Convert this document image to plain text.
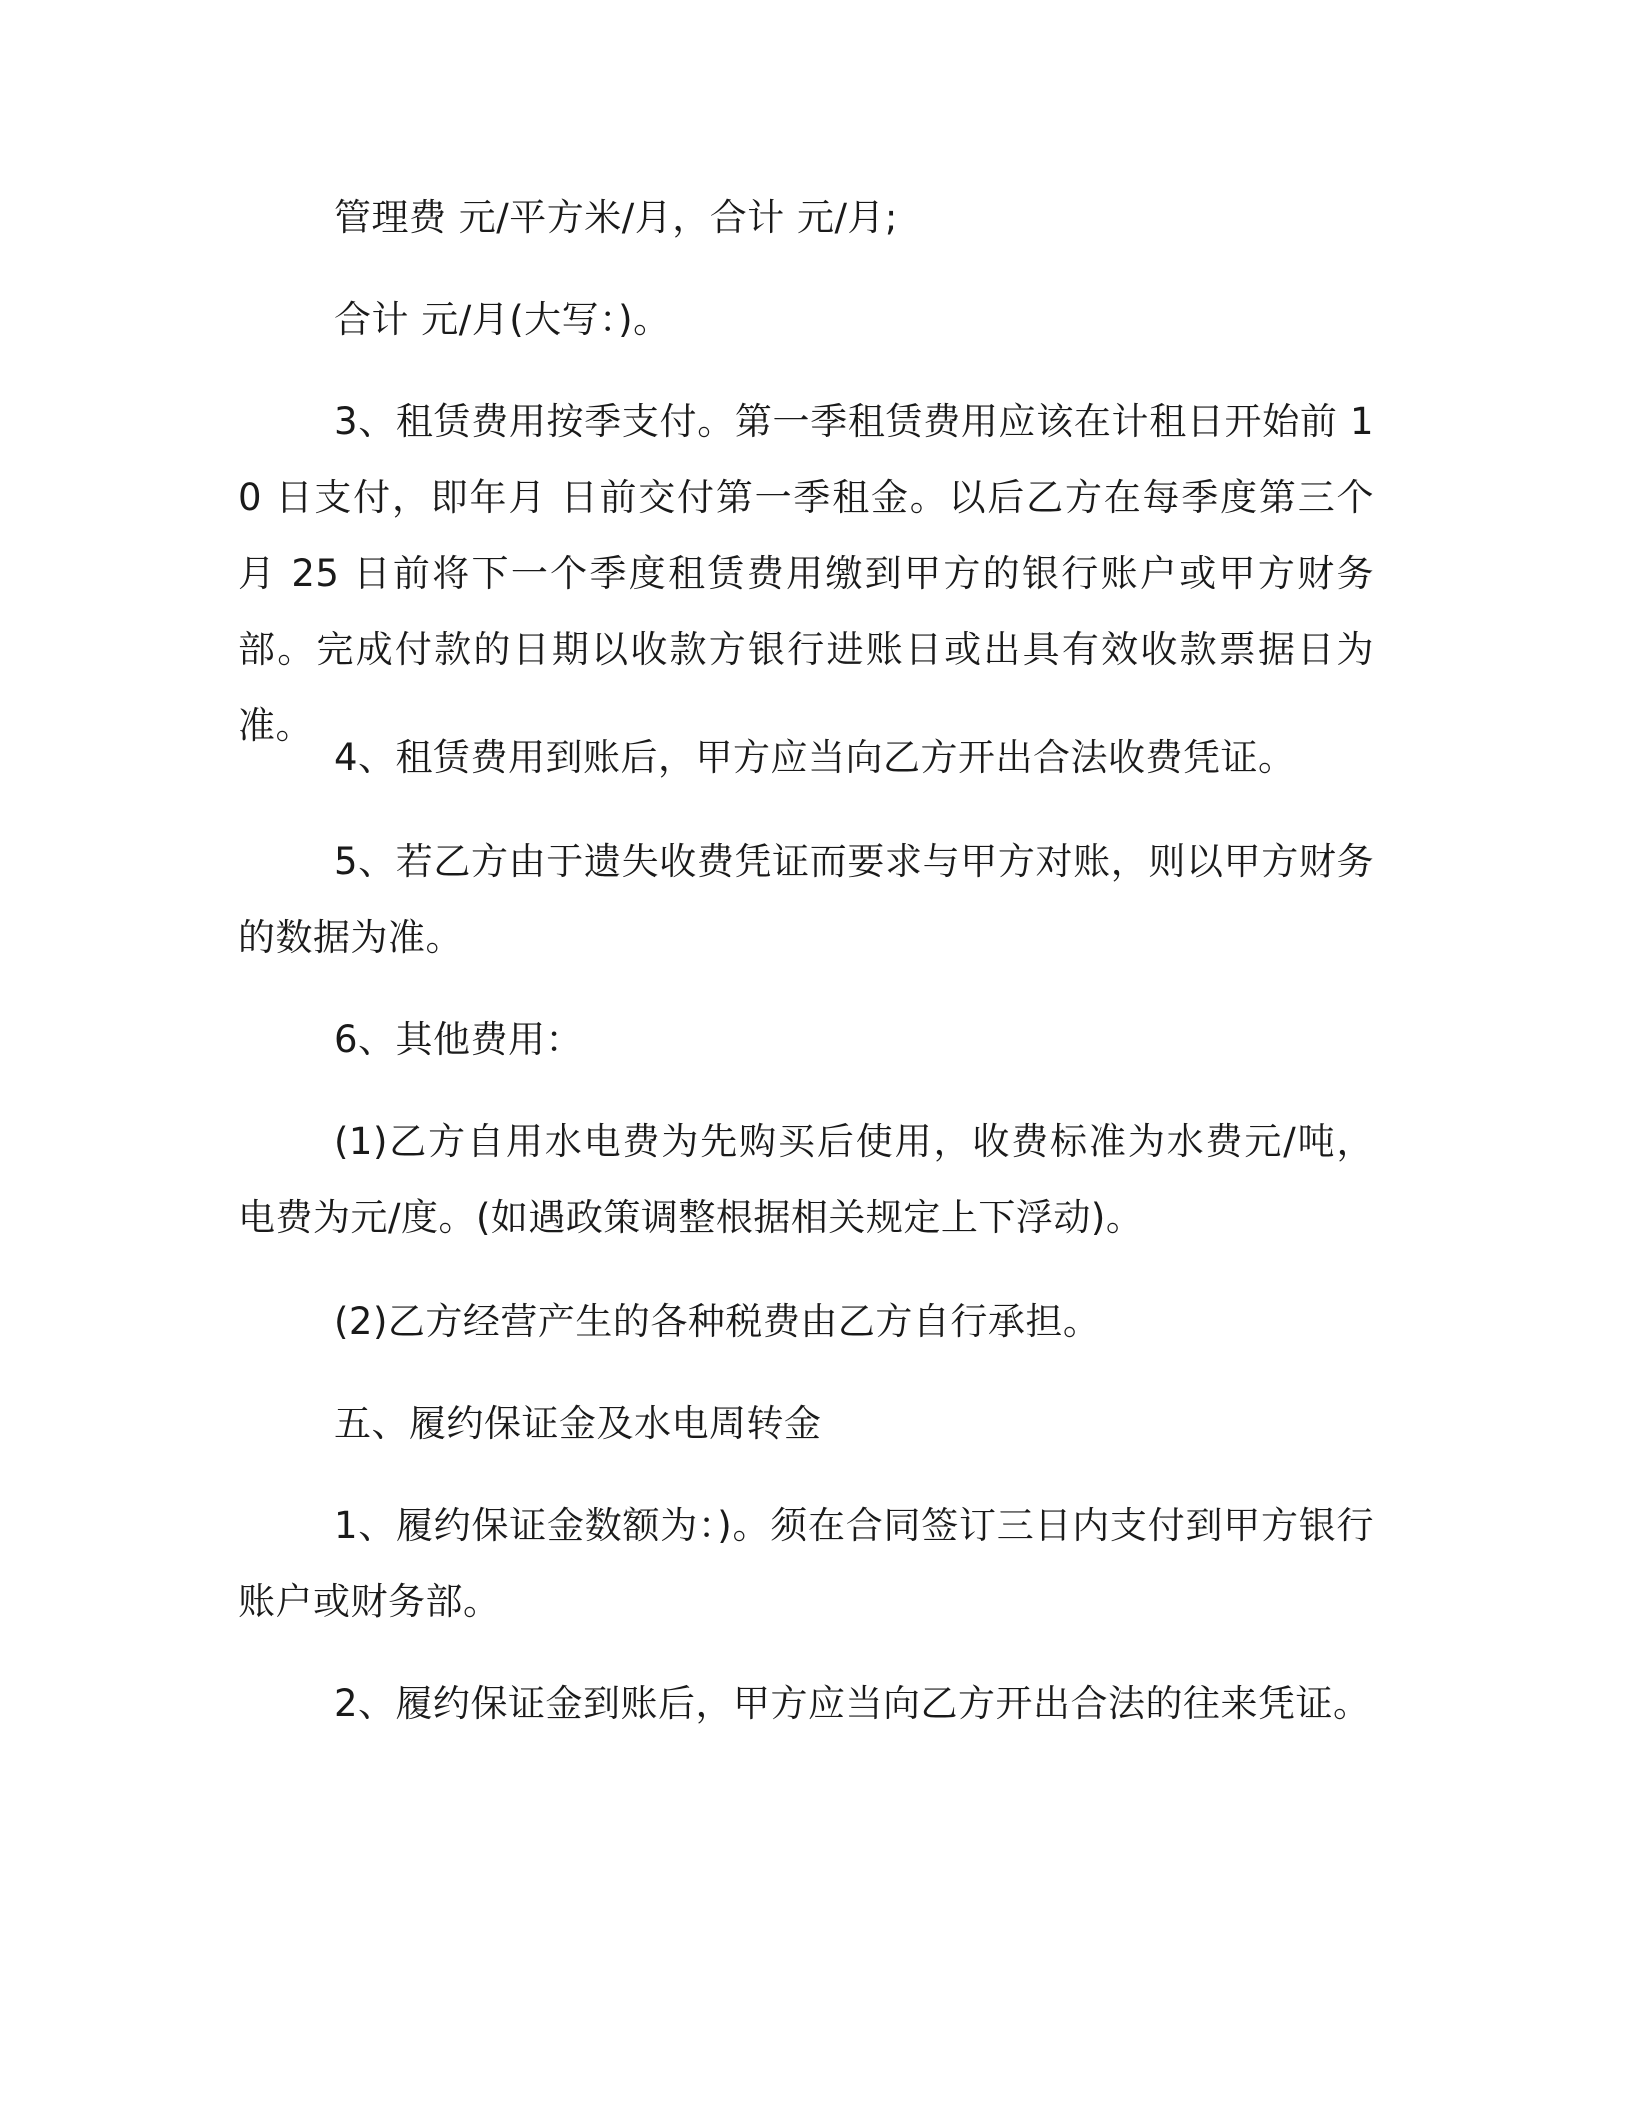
管理费 元/平方米/月，合计 元/月;

合计 元/月(大写：)。

3、租赁费用按季支付。第一季租赁费用应该在计租日开始前 10 日支付，即年月 日前交付第一季租金。以后乙方在每季度第三个月 25 日前将下一个季度租赁费用缴到甲方的银行账户或甲方财务部。完成付款的日期以收款方银行进账日或出具有效收款票据日为准。

4、租赁费用到账后，甲方应当向乙方开出合法收费凭证。

5、若乙方由于遗失收费凭证而要求与甲方对账，则以甲方财务的数据为准。

6、其他费用：

(1)乙方自用水电费为先购买后使用，收费标准为水费元/吨，电费为元/度。(如遇政策调整根据相关规定上下浮动)。

(2)乙方经营产生的各种税费由乙方自行承担。

五、履约保证金及水电周转金

1、履约保证金数额为：)。须在合同签订三日内支付到甲方银行账户或财务部。

2、履约保证金到账后，甲方应当向乙方开出合法的往来凭证。
